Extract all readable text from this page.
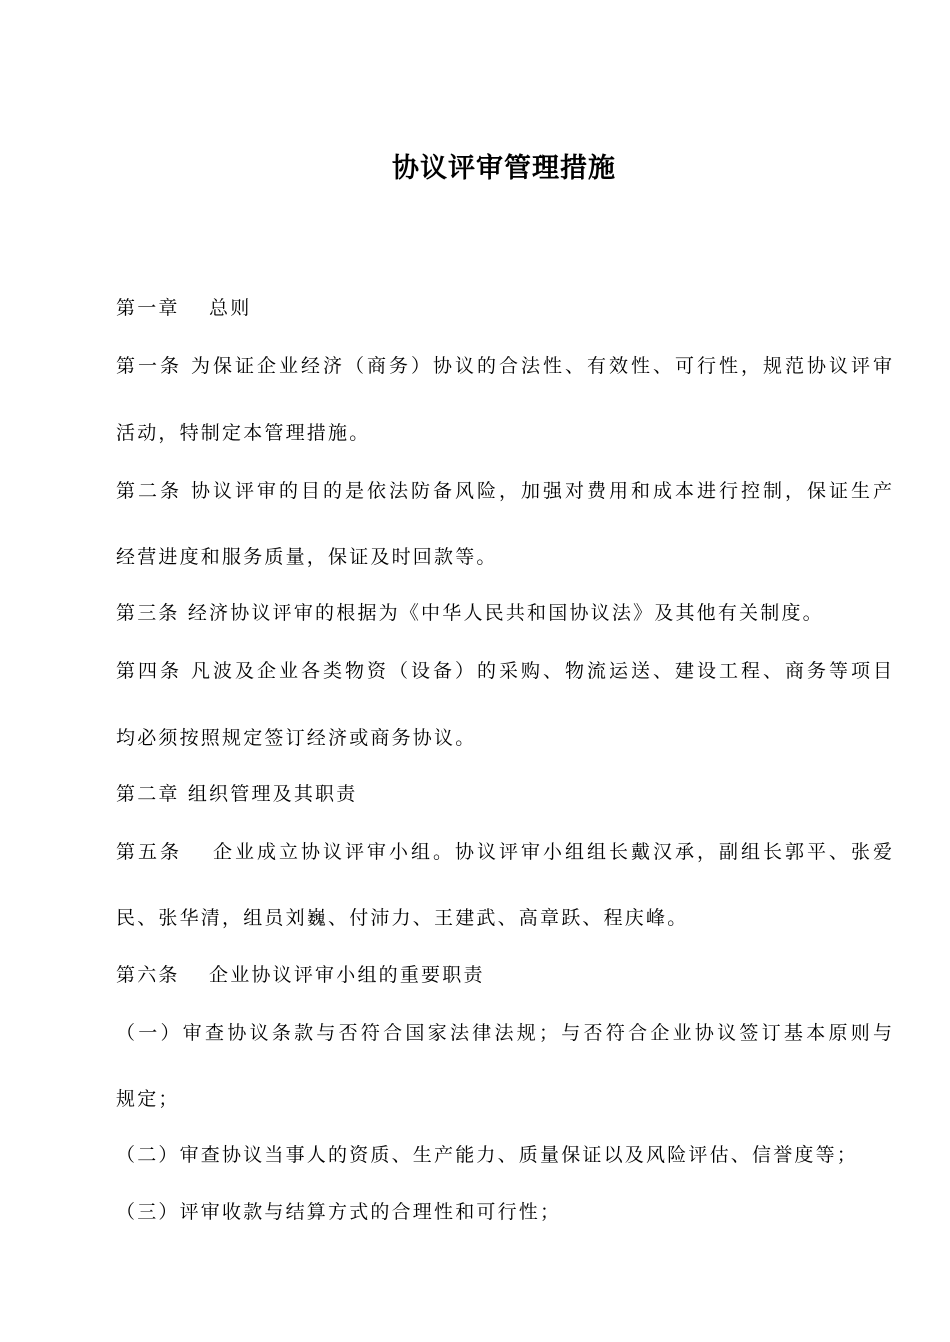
协议评审管理措施
第一章　 总则
第一条 为保证企业经济（商务）协议的合法性、有效性、可行性，规范协议评审
活动，特制定本管理措施。
第二条 协议评审的目的是依法防备风险，加强对费用和成本进行控制，保证生产
经营进度和服务质量，保证及时回款等。
第三条 经济协议评审的根据为《中华人民共和国协议法》及其他有关制度。
第四条 凡波及企业各类物资（设备）的采购、物流运送、建设工程、商务等项目
均必须按照规定签订经济或商务协议。
第二章 组织管理及其职责
第五条　 企业成立协议评审小组。协议评审小组组长戴汉承，副组长郭平、张爱
民、张华清，组员刘巍、付沛力、王建武、高章跃、程庆峰。
第六条　 企业协议评审小组的重要职责
（一）审查协议条款与否符合国家法律法规；与否符合企业协议签订基本原则与
规定；
（二）审查协议当事人的资质、生产能力、质量保证以及风险评估、信誉度等；
（三）评审收款与结算方式的合理性和可行性；
